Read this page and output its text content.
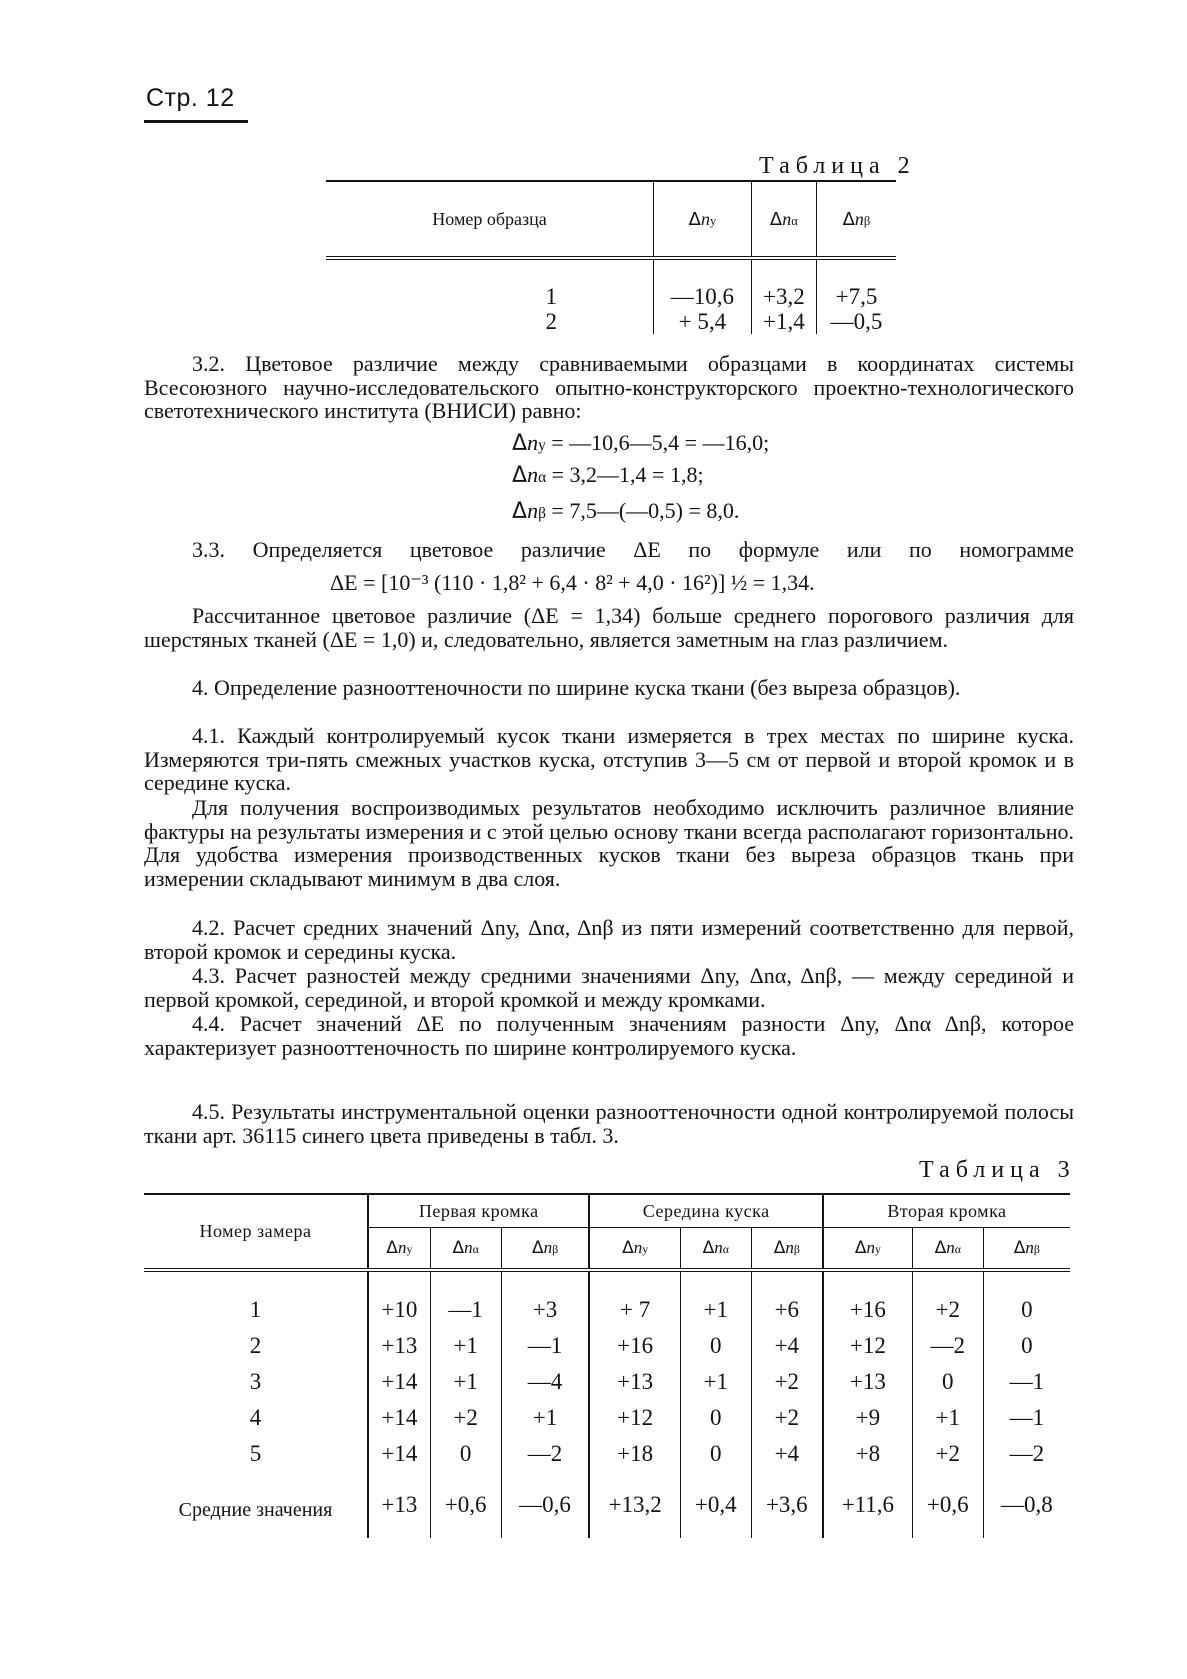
Стр. 12
Таблица 2
Номер образца	$\Delta n_у$	$\Delta n_\alpha$	$\Delta n_\beta$
1	—10,6	+3,2	+7,5
2	+ 5,4	+1,4	—0,5
3.2. Цветовое различие между сравниваемыми образцами в координатах системы Всесоюзного научно-исследовательского опытно-конструкторского проектно-технологического светотехнического института (ВНИСИ) равно:
$\Delta n_у$ = —10,6—5,4 = —16,0;
$\Delta n_\alpha$ = 3,2—1,4 = 1,8;
$\Delta n_\beta$ = 7,5—(—0,5) = 8,0.
3.3. Определяется цветовое различие ΔE по формуле или по номограмме
ΔE = [10⁻³ (110 · 1,8² + 6,4 · 8² + 4,0 · 16²)] ½ = 1,34.
Рассчитанное цветовое различие (ΔE = 1,34) больше среднего порогового различия для шерстяных тканей (ΔE = 1,0) и, следовательно, является заметным на глаз различием.
4. Определение разнооттеночности по ширине куска ткани (без выреза образцов).
4.1. Каждый контролируемый кусок ткани измеряется в трех местах по ширине куска. Измеряются три-пять смежных участков куска, отступив 3—5 см от первой и второй кромок и в середине куска.
Для получения воспроизводимых результатов необходимо исключить различное влияние фактуры на результаты измерения и с этой целью основу ткани всегда располагают горизонтально. Для удобства измерения производственных кусков ткани без выреза образцов ткань при измерении складывают минимум в два слоя.
4.2. Расчет средних значений Δnу, Δnα, Δnβ из пяти измерений соответственно для первой, второй кромок и середины куска.
4.3. Расчет разностей между средними значениями Δnу, Δnα, Δnβ, — между серединой и первой кромкой, серединой, и второй кромкой и между кромками.
4.4. Расчет значений ΔE по полученным значениям разности Δnу, Δnα Δnβ, которое характеризует разнооттеночность по ширине контролируемого куска.
4.5. Результаты инструментальной оценки разнооттеночности одной контролируемой полосы ткани арт. 36115 синего цвета приведены в табл. 3.
Таблица 3
Номер замера	Первая кромка			Середина куска			Вторая кромка		
	$\Delta n_у$	$\Delta n_\alpha$	$\Delta n_\beta$	$\Delta n_у$	$\Delta n_\alpha$	$\Delta n_\beta$	$\Delta n_у$	$\Delta n_\alpha$	$\Delta n_\beta$
1	+10	—1	+3	+ 7	+1	+6	+16	+2	0
2	+13	+1	—1	+16	0	+4	+12	—2	0
3	+14	+1	—4	+13	+1	+2	+13	0	—1
4	+14	+2	+1	+12	0	+2	+9	+1	—1
5	+14	0	—2	+18	0	+4	+8	+2	—2
Средние значения	+13	+0,6	—0,6	+13,2	+0,4	+3,6	+11,6	+0,6	—0,8
